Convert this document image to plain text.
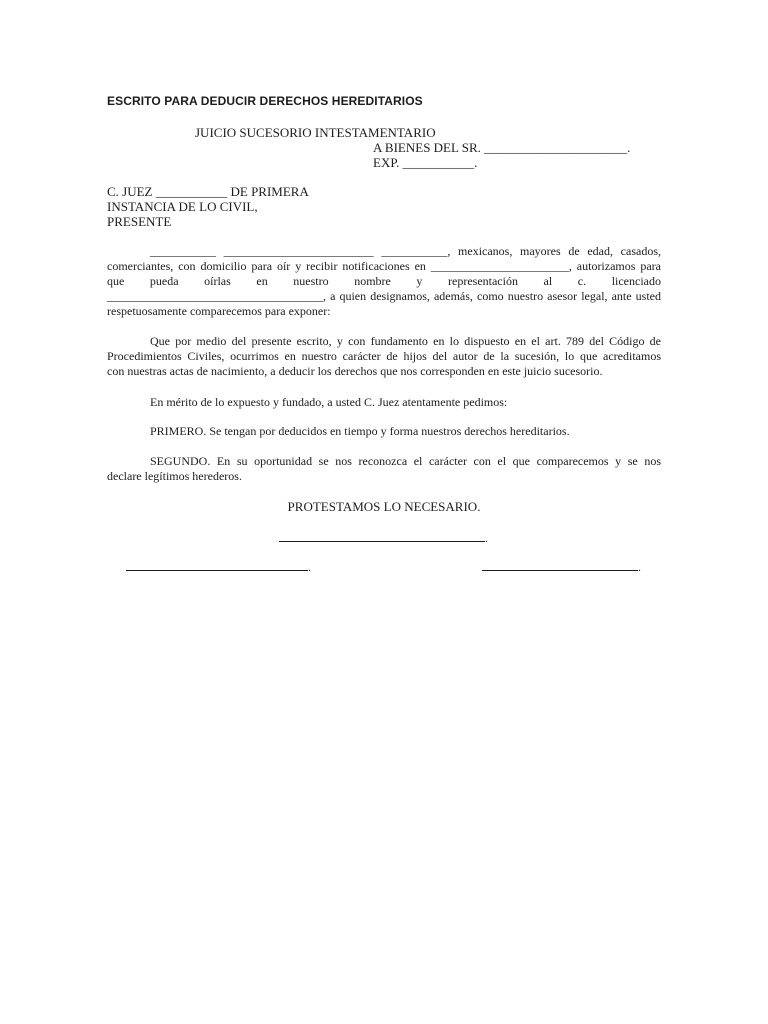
ESCRITO PARA DEDUCIR DERECHOS HEREDITARIOS
JUICIO SUCESORIO INTESTAMENTARIO
A BIENES DEL SR. ______________________.
EXP. ___________.
C. JUEZ ___________ DE PRIMERA
INSTANCIA DE LO CIVIL,
PRESENTE
___________ _________________________ ___________, mexicanos, mayores de edad, casados,
comerciantes, con domicilio para oír y recibir notificaciones en _______________________, autorizamos para
que pueda oírlas en nuestro nombre y representación al c. licenciado
____________________________________, a quien designamos, además, como nuestro asesor legal, ante usted
respetuosamente comparecemos para exponer:
Que por medio del presente escrito, y con fundamento en lo dispuesto en el art. 789 del Código de
Procedimientos Civiles, ocurrimos en nuestro carácter de hijos del autor de la sucesión, lo que acreditamos
con nuestras actas de nacimiento, a deducir los derechos que nos corresponden en este juicio sucesorio.
En mérito de lo expuesto y fundado, a usted C. Juez atentamente pedimos:
PRIMERO. Se tengan por deducidos en tiempo y forma nuestros derechos hereditarios.
SEGUNDO. En su oportunidad se nos reconozca el carácter con el que comparecemos y se nos
declare legítimos herederos.
PROTESTAMOS LO NECESARIO.
.
.	.
